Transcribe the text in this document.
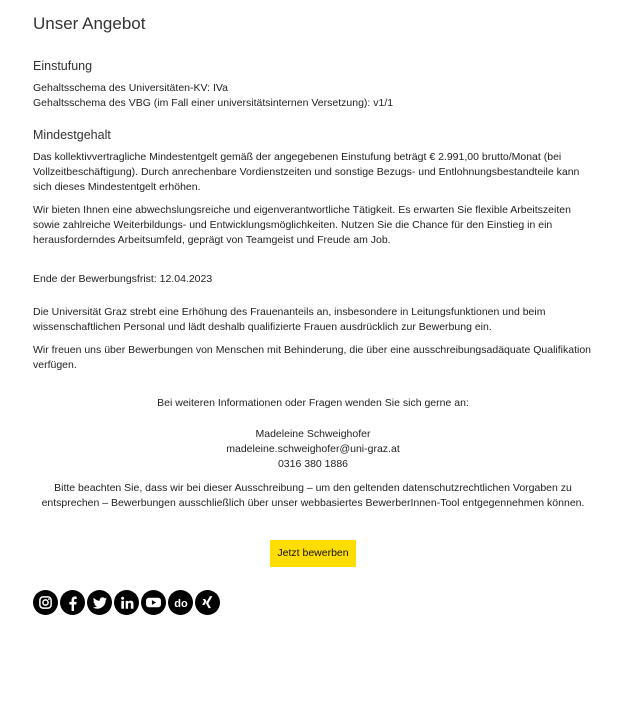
Unser Angebot
Einstufung

Gehaltsschema des Universitäten-KV: IVa

Gehaltsschema des VBG (im Fall einer universitätsinternen Versetzung): v1/1

Mindestgehalt

Das kollektivvertragliche Mindestentgelt gemäß der angegebenen Einstufung beträgt € 2.991,00 brutto/Monat (bei Vollzeitbeschäftigung). Durch anrechenbare Vordienstzeiten und sonstige Bezugs- und Entlohnungsbestandteile kann sich dieses Mindestentgelt erhöhen.

Wir bieten Ihnen eine abwechslungsreiche und eigenverantwortliche Tätigkeit. Es erwarten Sie flexible Arbeitszeiten sowie zahlreiche Weiterbildungs- und Entwicklungsmöglichkeiten. Nutzen Sie die Chance für den Einstieg in ein herausforderndes Arbeitsumfeld, geprägt von Teamgeist und Freude am Job.

Ende der Bewerbungsfrist: 12.04.2023

Die Universität Graz strebt eine Erhöhung des Frauenanteils an, insbesondere in Leitungsfunktionen und beim wissenschaftlichen Personal und lädt deshalb qualifizierte Frauen ausdrücklich zur Bewerbung ein.

Wir freuen uns über Bewerbungen von Menschen mit Behinderung, die über eine ausschreibungsadäquate Qualifikation verfügen.

Bei weiteren Informationen oder Fragen wenden Sie sich gerne an:

Madeleine Schweighofer

madeleine.schweighofer@uni-graz.at

0316 380 1886

Bitte beachten Sie, dass wir bei dieser Ausschreibung – um den geltenden datenschutzrechtlichen Vorgaben zu entsprechen – Bewerbungen ausschließlich über unser webbasiertes BewerberInnen-Tool entgegennehmen können.

Jetzt bewerben
do
